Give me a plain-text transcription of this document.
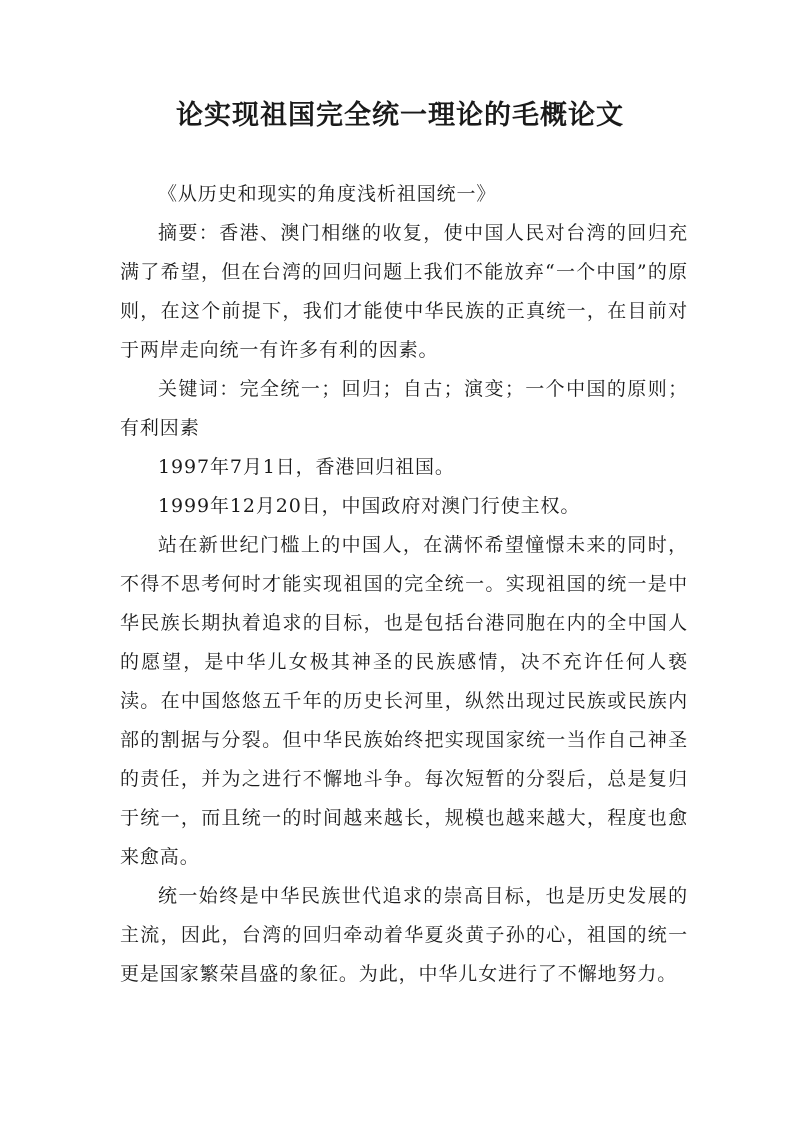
论实现祖国完全统一理论的毛概论文

《从历史和现实的角度浅析祖国统一》

摘要：香港、澳门相继的收复，使中国人民对台湾的回归充满了希望，但在台湾的回归问题上我们不能放弃“一个中国”的原则，在这个前提下，我们才能使中华民族的正真统一，在目前对于两岸走向统一有许多有利的因素。

关键词：完全统一；回归；自古；演变；一个中国的原则；有利因素

1997年7月1日，香港回归祖国。

1999年12月20日，中国政府对澳门行使主权。

站在新世纪门槛上的中国人，在满怀希望憧憬未来的同时，不得不思考何时才能实现祖国的完全统一。实现祖国的统一是中华民族长期执着追求的目标，也是包括台港同胞在内的全中国人的愿望，是中华儿女极其神圣的民族感情，决不充许任何人亵渎。在中国悠悠五千年的历史长河里，纵然出现过民族或民族内部的割据与分裂。但中华民族始终把实现国家统一当作自己神圣的责任，并为之进行不懈地斗争。每次短暂的分裂后，总是复归于统一，而且统一的时间越来越长，规模也越来越大，程度也愈来愈高。

统一始终是中华民族世代追求的崇高目标，也是历史发展的主流，因此，台湾的回归牵动着华夏炎黄子孙的心，祖国的统一更是国家繁荣昌盛的象征。为此，中华儿女进行了不懈地努力。
